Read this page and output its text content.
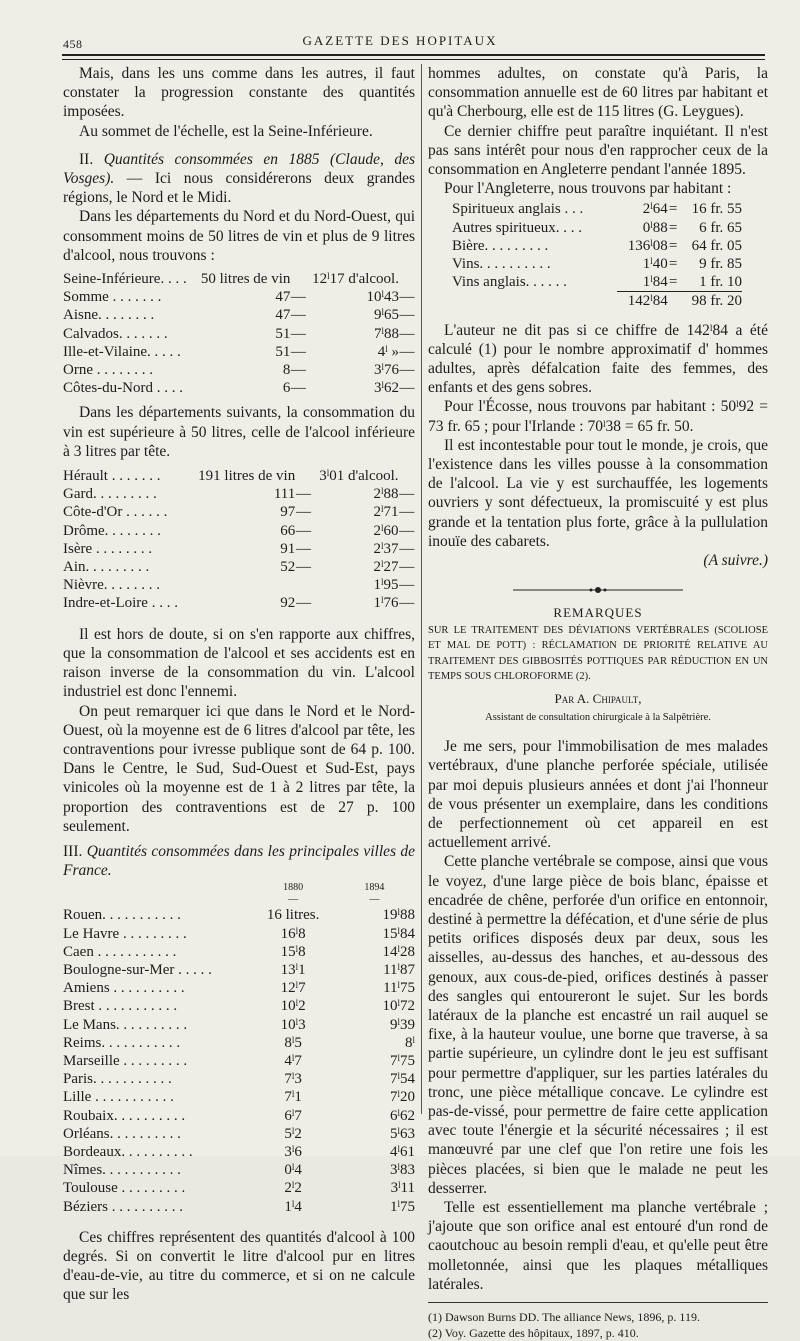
458	GAZETTE DES HOPITAUX

Mais, dans les uns comme dans les autres, il faut constater la progression constante des quantités imposées.

Au sommet de l'échelle, est la Seine-Inférieure.

II. Quantités consommées en 1885 (Claude, des Vosges). — Ici nous considérerons deux grandes régions, le Nord et le Midi.

Dans les départements du Nord et du Nord-Ouest, qui consomment moins de 50 litres de vin et plus de 9 litres d'alcool, nous trouvons :

Seine-Inférieure. . . .	50 litres de vin		12ˡ17 d'alcool.	
Somme . . . . . . .	47	—	10ˡ43	—
Aisne. . . . . . . .	47	—	9ˡ65	—
Calvados. . . . . . .	51	—	7ˡ88	—
Ille-et-Vilaine. . . . .	51	—	4ˡ »	—
Orne . . . . . . . .	8	—	3ˡ76	—
Côtes-du-Nord . . . .	6	—	3ˡ62	—

Dans les départements suivants, la consommation du vin est supérieure à 50 litres, celle de l'alcool inférieure à 3 litres par tête.

Hérault . . . . . . .	191 litres de vin		3ˡ01 d'alcool.	
Gard. . . . . . . . .	111	—	2ˡ88	—
Côte-d'Or . . . . . .	97	—	2ˡ71	—
Drôme. . . . . . . .	66	—	2ˡ60	—
Isère . . . . . . . .	91	—	2ˡ37	—
Ain. . . . . . . . .	52	—	2ˡ27	—
Nièvre. . . . . . . .			1ˡ95	—
Indre-et-Loire . . . .	92	—	1ˡ76	—

Il est hors de doute, si on s'en rapporte aux chiffres, que la consommation de l'alcool et ses accidents est en raison inverse de la consommation du vin. L'alcool industriel est donc l'ennemi.

On peut remarquer ici que dans le Nord et le Nord-Ouest, où la moyenne est de 6 litres d'alcool par tête, les contraventions pour ivresse publique sont de 64 p. 100. Dans le Centre, le Sud, Sud-Ouest et Sud-Est, pays vinicoles où la moyenne est de 1 à 2 litres par tête, la proportion des contraventions est de 27 p. 100 seulement.

III. Quantités consommées dans les principales villes de France.

	1880	1894
	—	—
Rouen. . . . . . . . . . .	16 litres.	19ˡ88
Le Havre . . . . . . . . .	16ˡ8	15ˡ84
Caen . . . . . . . . . . .	15ˡ8	14ˡ28
Boulogne-sur-Mer . . . . .	13ˡ1	11ˡ87
Amiens . . . . . . . . . .	12ˡ7	11ˡ75
Brest . . . . . . . . . . .	10ˡ2	10ˡ72
Le Mans. . . . . . . . . .	10ˡ3	9ˡ39
Reims. . . . . . . . . . .	8ˡ5	8ˡ
Marseille . . . . . . . . .	4ˡ7	7ˡ75
Paris. . . . . . . . . . .	7ˡ3	7ˡ54
Lille . . . . . . . . . . .	7ˡ1	7ˡ20
Roubaix. . . . . . . . . .	6ˡ7	6ˡ62
Orléans. . . . . . . . . .	5ˡ2	5ˡ63
Bordeaux. . . . . . . . . .	3ˡ6	4ˡ61
Nîmes. . . . . . . . . . .	0ˡ4	3ˡ83
Toulouse . . . . . . . . .	2ˡ2	3ˡ11
Béziers . . . . . . . . . .	1ˡ4	1ˡ75

Ces chiffres représentent des quantités d'alcool à 100 degrés. Si on convertit le litre d'alcool pur en litres d'eau-de-vie, au titre du commerce, et si on ne calcule que sur les

hommes adultes, on constate qu'à Paris, la consommation annuelle est de 60 litres par habitant et qu'à Cherbourg, elle est de 115 litres (G. Leygues).

Ce dernier chiffre peut paraître inquiétant. Il n'est pas sans intérêt pour nous d'en rapprocher ceux de la consommation en Angleterre pendant l'année 1895.

Pour l'Angleterre, nous trouvons par habitant :

Spiritueux anglais . . .	2ˡ64	=	16 fr. 55
Autres spiritueux. . . .	0ˡ88	=	6 fr. 65
Bière. . . . . . . . .	136ˡ08	=	64 fr. 05
Vins. . . . . . . . . .	1ˡ40	=	9 fr. 85
Vins anglais. . . . . .	1ˡ84	=	1 fr. 10
	142ˡ84		98 fr. 20

L'auteur ne dit pas si ce chiffre de 142ˡ84 a été calculé (1) pour le nombre approximatif d' hommes adultes, après défalcation faite des femmes, des enfants et des gens sobres.

Pour l'Écosse, nous trouvons par habitant : 50ˡ92 = 73 fr. 65 ; pour l'Irlande : 70ˡ38 = 65 fr. 50.

Il est incontestable pour tout le monde, je crois, que l'existence dans les villes pousse à la consommation de l'alcool. La vie y est surchauffée, les logements ouvriers y sont défectueux, la promiscuité y est plus grande et la tentation plus forte, grâce à la pullulation inouïe des cabarets.

(A suivre.)

REMARQUES
SUR LE TRAITEMENT DES DÉVIATIONS VERTÉBRALES (SCOLIOSE ET MAL DE POTT) : RÉCLAMATION DE PRIORITÉ RELATIVE AU TRAITEMENT DES GIBBOSITÉS POTTIQUES PAR RÉDUCTION EN UN TEMPS SOUS CHLOROFORME (2).
Par A. Chipault,
Assistant de consultation chirurgicale à la Salpêtrière.

Je me sers, pour l'immobilisation de mes malades vertébraux, d'une planche perforée spéciale, utilisée par moi depuis plusieurs années et dont j'ai l'honneur de vous présenter un exemplaire, dans les conditions de perfectionnement où cet appareil en est actuellement arrivé.

Cette planche vertébrale se compose, ainsi que vous le voyez, d'une large pièce de bois blanc, épaisse et encadrée de chêne, perforée d'un orifice en entonnoir, destiné à permettre la défécation, et d'une série de plus petits orifices disposés deux par deux, sous les aisselles, au-dessus des hanches, et au-dessous des genoux, aux cous-de-pied, orifices destinés à passer des sangles qui entoureront le sujet. Sur les bords latéraux de la planche est encastré un rail auquel se fixe, à la hauteur voulue, une borne que traverse, à sa partie supérieure, un cylindre dont le jeu est suffisant pour permettre d'appliquer, sur les parties latérales du tronc, une pièce métallique concave. Le cylindre est pas-de-vissé, pour permettre de faire cette application avec toute l'énergie et la sécurité nécessaires ; il est manœuvré par une clef que l'on retire une fois les pièces placées, si bien que le malade ne peut les desserrer.

Telle est essentiellement ma planche vertébrale ; j'ajoute que son orifice anal est entouré d'un rond de caoutchouc au besoin rempli d'eau, et qu'elle peut être molletonnée, ainsi que les plaques métalliques latérales.

(1) Dawson Burns DD. The alliance News, 1896, p. 119.
(2) Voy. Gazette des hôpitaux, 1897, p. 410.
